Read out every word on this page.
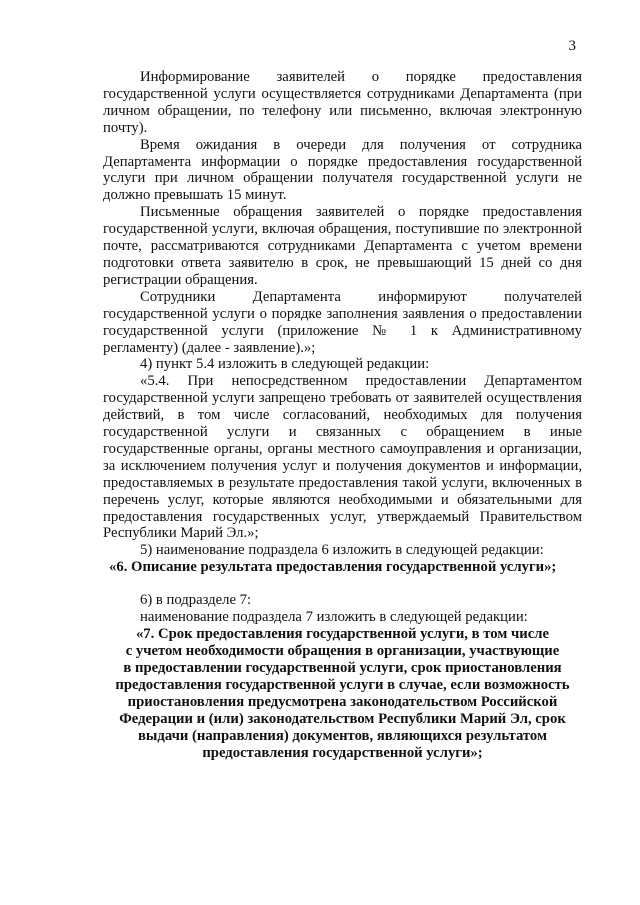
3

Информирование заявителей о порядке предоставления государственной услуги осуществляется сотрудниками Департамента (при личном обращении, по телефону или письменно, включая электронную почту).

Время ожидания в очереди для получения от сотрудника Департамента информации о порядке предоставления государственной услуги при личном обращении получателя государственной услуги не должно превышать 15 минут.

Письменные обращения заявителей о порядке предоставления государственной услуги, включая обращения, поступившие по электронной почте, рассматриваются сотрудниками Департамента с учетом времени подготовки ответа заявителю в срок, не превышающий 15 дней со дня регистрации обращения.

Сотрудники Департамента информируют получателей государственной услуги о порядке заполнения заявления о предоставлении государственной услуги (приложение № 1 к Административному регламенту) (далее - заявление).»;

4) пункт 5.4 изложить в следующей редакции:

«5.4. При непосредственном предоставлении Департаментом государственной услуги запрещено требовать от заявителей осуществления действий, в том числе согласований, необходимых для получения государственной услуги и связанных с обращением в иные государственные органы, органы местного самоуправления и организации, за исключением получения услуг и получения документов и информации, предоставляемых в результате предоставления такой услуги, включенных в перечень услуг, которые являются необходимыми и обязательными для предоставления государственных услуг, утверждаемый Правительством Республики Марий Эл.»;

5) наименование подраздела 6 изложить в следующей редакции:

«6. Описание результата предоставления государственной услуги»;

6) в подразделе 7:

наименование подраздела 7 изложить в следующей редакции:

«7. Срок предоставления государственной услуги, в том числе
с учетом необходимости обращения в организации, участвующие
в предоставлении государственной услуги, срок приостановления
предоставления государственной услуги в случае, если возможность
приостановления предусмотрена законодательством Российской
Федерации и (или) законодательством Республики Марий Эл, срок
выдачи (направления) документов, являющихся результатом
предоставления государственной услуги»;
